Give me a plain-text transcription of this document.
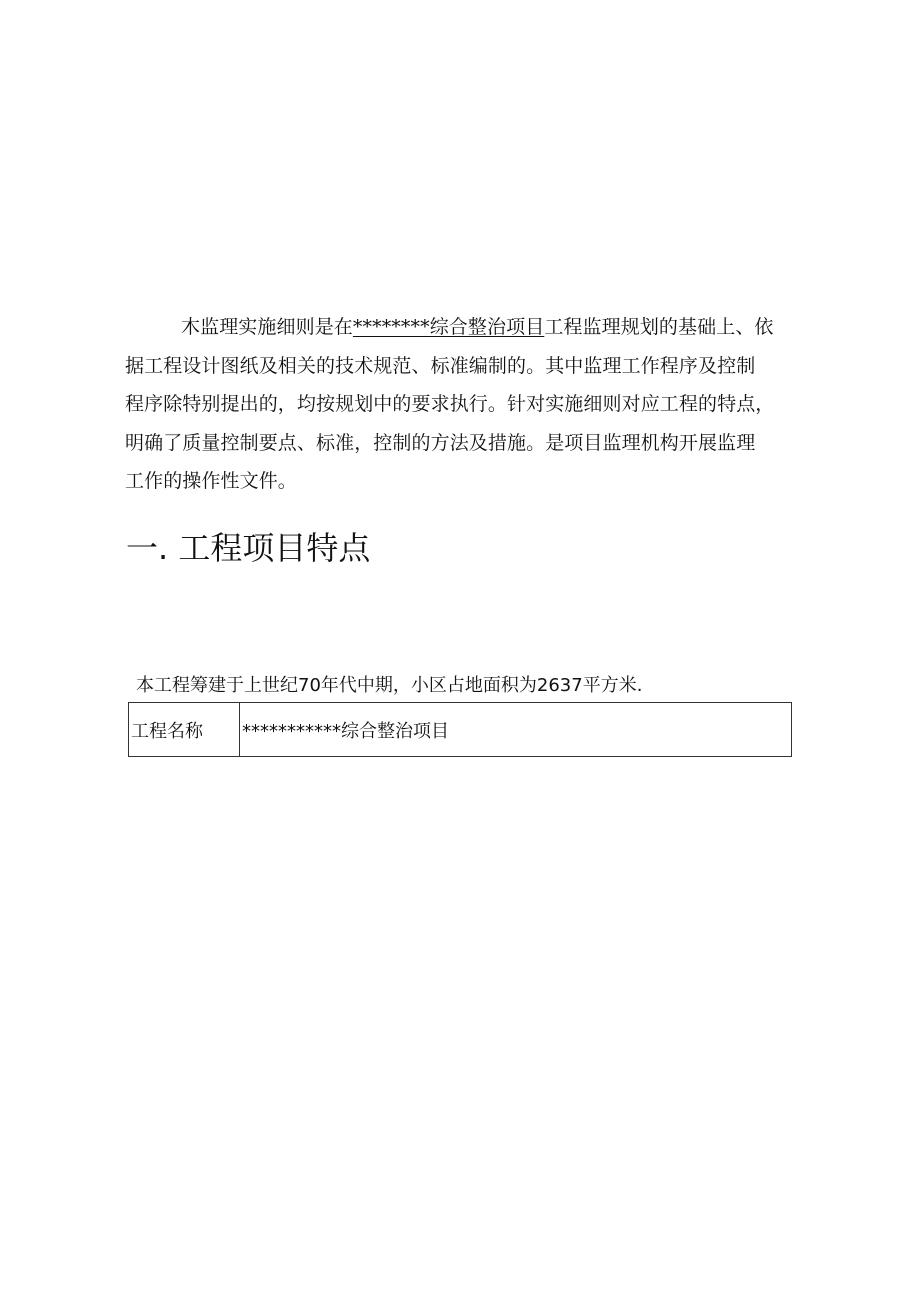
木监理实施细则是在********综合整治项目工程监理规划的基础上、依
据工程设计图纸及相关的技术规范、标准编制的。其中监理工作程序及控制
程序除特别提出的，均按规划中的要求执行。针对实施细则对应工程的特点，
明确了质量控制要点、标准，控制的方法及措施。是项目监理机构开展监理
工作的操作性文件。

一. 工程项目特点

本工程筹建于上世纪70年代中期，小区占地面积为2637平方米.

工程名称	***********综合整治项目
